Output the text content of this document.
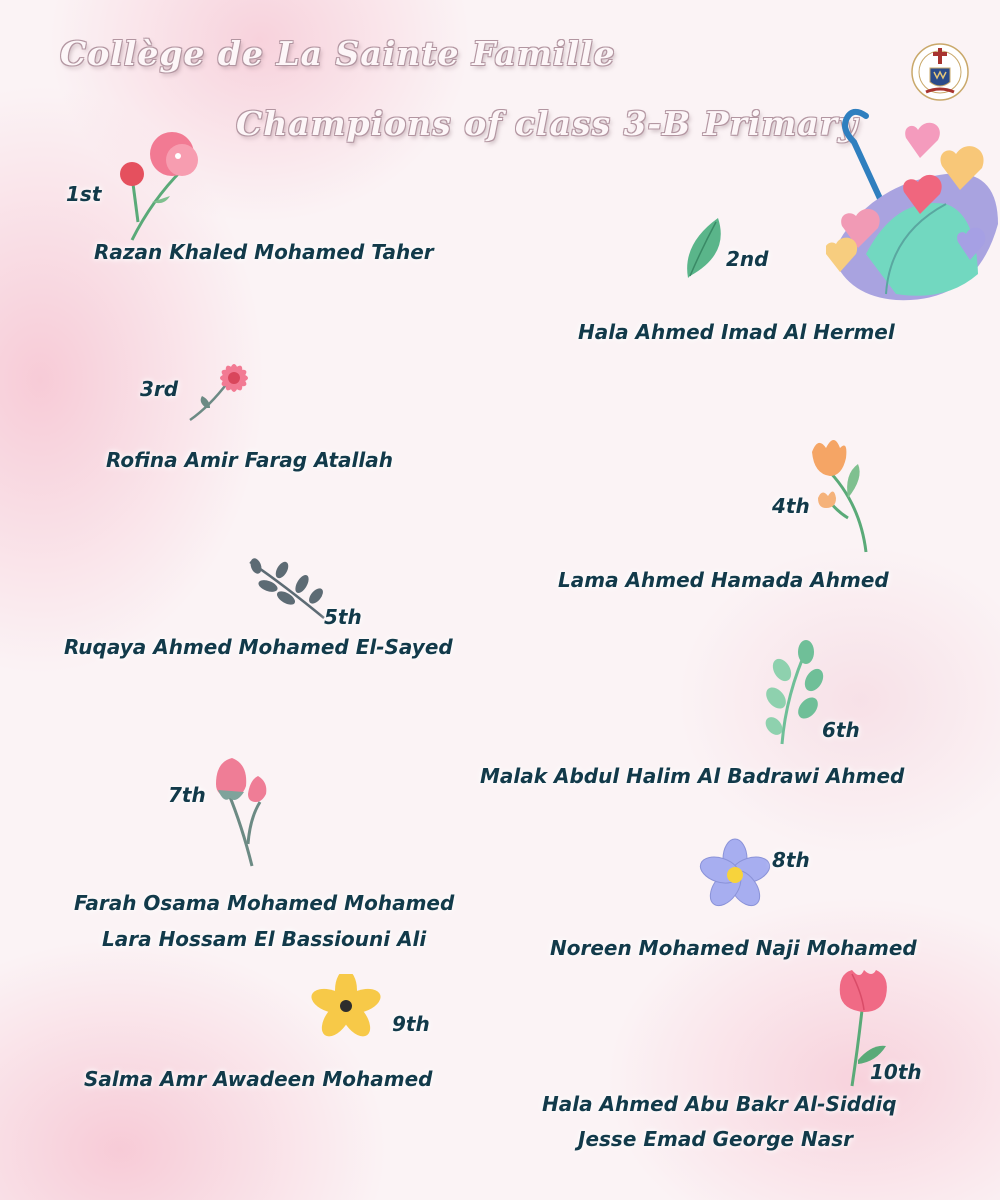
Collège de La Sainte Famille
Champions of class 3-B Primary
1st
Razan Khaled Mohamed Taher	2nd
Hala Ahmed Imad Al Hermel
3rd
Rofina Amir Farag Atallah
4th
Lama Ahmed Hamada Ahmed
5th
Ruqaya Ahmed Mohamed El-Sayed
6th
Malak Abdul Halim Al Badrawi Ahmed
7th
Farah Osama Mohamed Mohamed
Lara Hossam El Bassiouni Ali
8th
Noreen Mohamed Naji Mohamed
9th
Salma Amr Awadeen Mohamed	10th
Hala Ahmed Abu Bakr Al-Siddiq
Jesse Emad George Nasr
